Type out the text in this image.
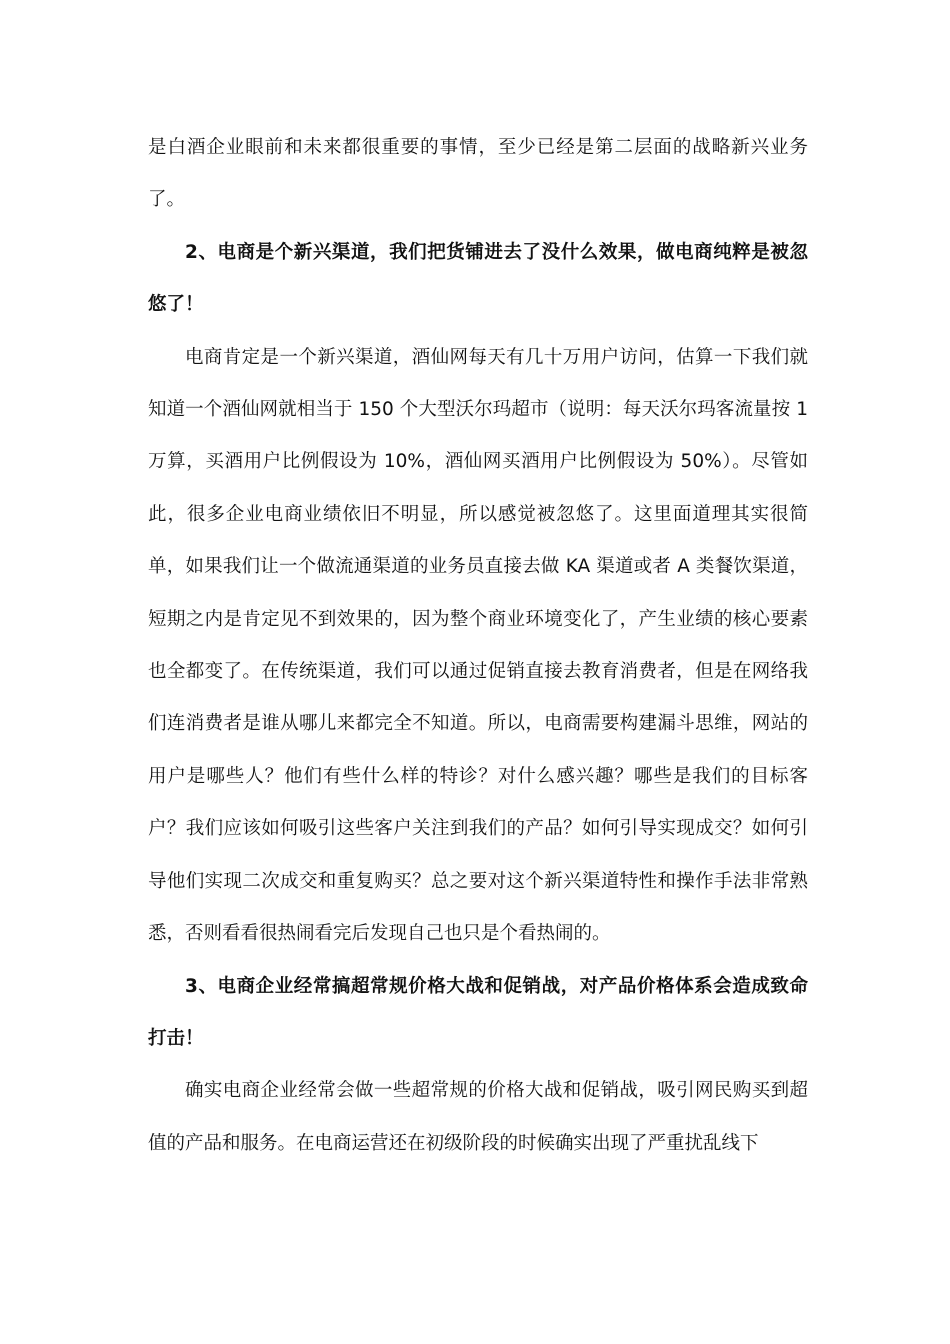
是白酒企业眼前和未来都很重要的事情，至少已经是第二层面的战略新兴业务了。

2、电商是个新兴渠道，我们把货铺进去了没什么效果，做电商纯粹是被忽悠了！

电商肯定是一个新兴渠道，酒仙网每天有几十万用户访问，估算一下我们就知道一个酒仙网就相当于 150 个大型沃尔玛超市（说明：每天沃尔玛客流量按 1 万算，买酒用户比例假设为 10%，酒仙网买酒用户比例假设为 50%）。尽管如此，很多企业电商业绩依旧不明显，所以感觉被忽悠了。这里面道理其实很简单，如果我们让一个做流通渠道的业务员直接去做 KA 渠道或者 A 类餐饮渠道，短期之内是肯定见不到效果的，因为整个商业环境变化了，产生业绩的核心要素也全都变了。在传统渠道，我们可以通过促销直接去教育消费者，但是在网络我们连消费者是谁从哪儿来都完全不知道。所以，电商需要构建漏斗思维，网站的用户是哪些人？他们有些什么样的特诊？对什么感兴趣？哪些是我们的目标客户？我们应该如何吸引这些客户关注到我们的产品？如何引导实现成交？如何引导他们实现二次成交和重复购买？总之要对这个新兴渠道特性和操作手法非常熟悉，否则看看很热闹看完后发现自己也只是个看热闹的。

3、电商企业经常搞超常规价格大战和促销战，对产品价格体系会造成致命打击！

确实电商企业经常会做一些超常规的价格大战和促销战，吸引网民购买到超值的产品和服务。在电商运营还在初级阶段的时候确实出现了严重扰乱线下
